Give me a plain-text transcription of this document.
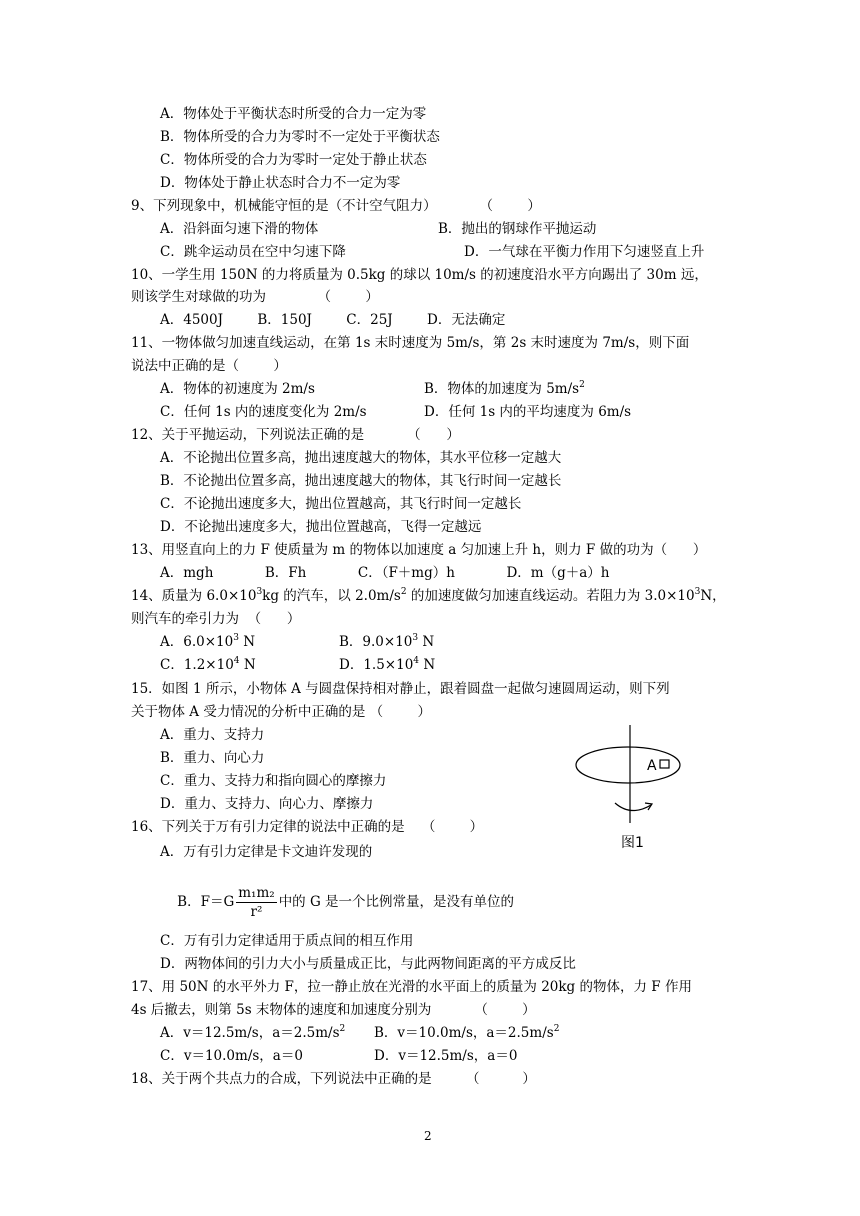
A．物体处于平衡状态时所受的合力一定为零
B．物体所受的合力为零时不一定处于平衡状态
C．物体所受的合力为零时一定处于静止状态
D．物体处于静止状态时合力不一定为零
9、下列现象中，机械能守恒的是（不计空气阻力）          （        ）
A．沿斜面匀速下滑的物体	B．抛出的钢球作平抛运动
C．跳伞运动员在空中匀速下降	D．一气球在平衡力作用下匀速竖直上升
10、一学生用 150N 的力将质量为 0.5kg 的球以 10m/s 的初速度沿水平方向踢出了 30m 远，
则该学生对球做的功为            （        ）
A．4500J        B．150J        C．25J        D．无法确定
11、一物体做匀加速直线运动，在第 1s 末时速度为 5m/s，第 2s 末时速度为 7m/s，则下面
说法中正确的是（        ）
A．物体的初速度为 2m/s	B．物体的加速度为 $5m/s^2$
C．任何 1s 内的速度变化为 2m/s	D．任何 1s 内的平均速度为 6m/s
12、关于平抛运动，下列说法正确的是          （      ）
A．不论抛出位置多高，抛出速度越大的物体，其水平位移一定越大
B．不论抛出位置多高，抛出速度越大的物体，其飞行时间一定越长
C．不论抛出速度多大，抛出位置越高，其飞行时间一定越长
D．不论抛出速度多大，抛出位置越高，飞得一定越远
13、用竖直向上的力 F 使质量为 m 的物体以加速度 a 匀加速上升 h，则力 F 做的功为（      ）
A．mgh            B．Fh            C．（F＋mg）h            D．m（g＋a）h
14、质量为 $6.0\times 10^3kg$ 的汽车，以 $2.0m/s^2$ 的加速度做匀加速直线运动。若阻力为 $3.0\times 10^3N$，
则汽车的牵引力为  （      ）
A．$6.0\times 10^3$ N	B．$9.0\times 10^3$ N
C．$1.2\times 10^4$ N	D．$1.5\times 10^4$ N
15．如图 1 所示，小物体 A 与圆盘保持相对静止，跟着圆盘一起做匀速圆周运动，则下列
关于物体 A 受力情况的分析中正确的是 （        ）
A．重力、支持力
B．重力、向心力
C．重力、支持力和指向圆心的摩擦力
D．重力、支持力、向心力、摩擦力
A
图1
16、下列关于万有引力定律的说法中正确的是    （        ）
A．万有引力定律是卡文迪许发现的

B．$F=G \frac{\text{m₁m₂}}{\text{r²}}$ 中的 G 是一个比例常量，是没有单位的

C．万有引力定律适用于质点间的相互作用
D．两物体间的引力大小与质量成正比，与此两物间距离的平方成反比
17、用 50N 的水平外力 F，拉一静止放在光滑的水平面上的质量为 20kg 的物体，力 F 作用
4s 后撤去，则第 5s 末物体的速度和加速度分别为          （        ）
A．v＝12.5m/s，$a=2.5m/s^2$ B．v＝10.0m/s，$a=2.5m/s^2$
C．v＝10.0m/s，a＝0	D．v＝12.5m/s，a＝0
18、关于两个共点力的合成，下列说法中正确的是        （          ）
2
